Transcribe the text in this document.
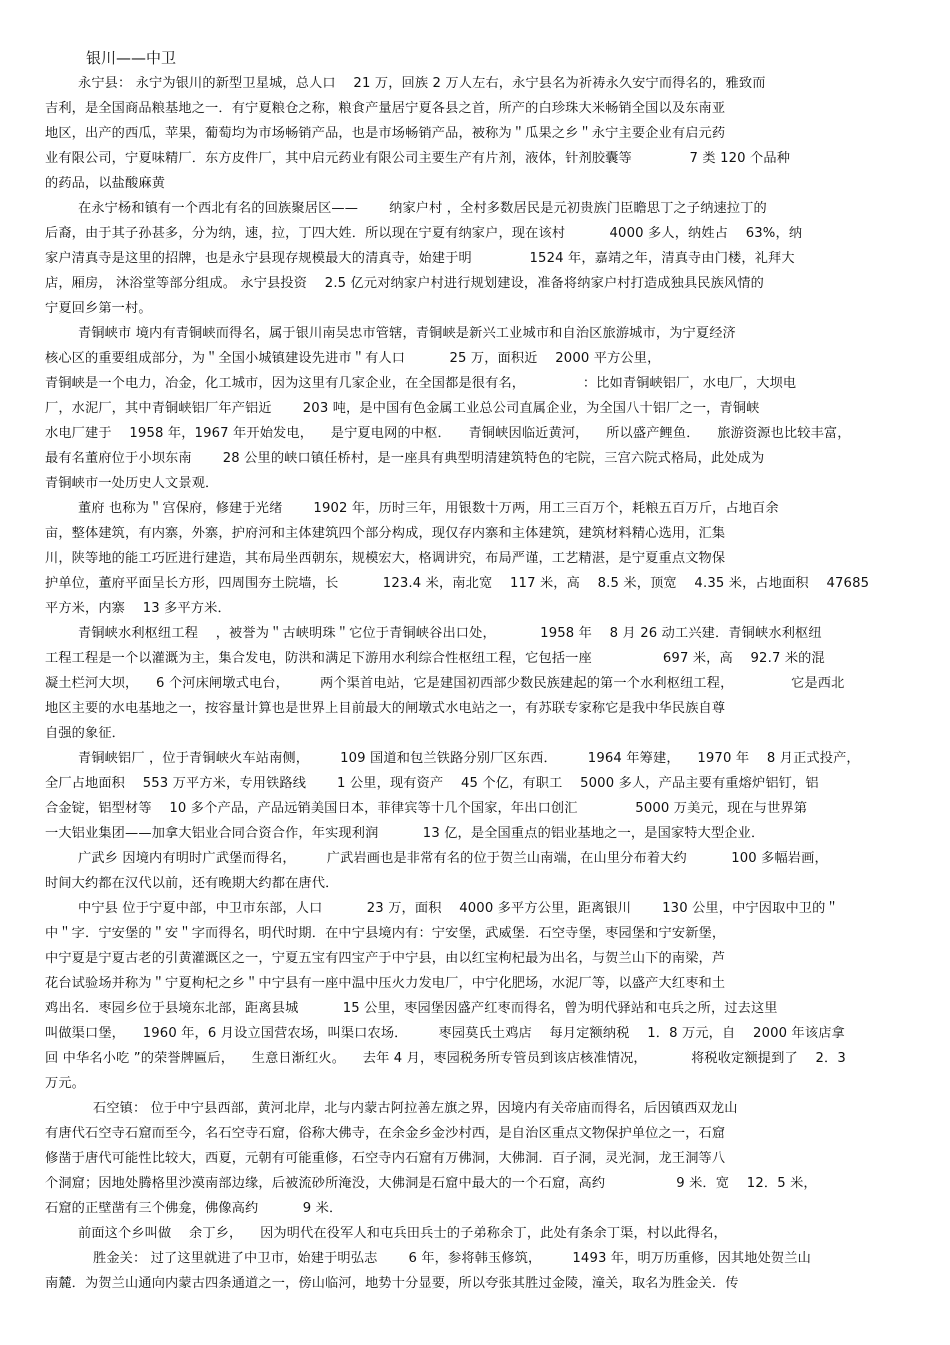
银川——中卫
永宁县： 永宁为银川的新型卫星城，总人口 　21 万，回族 2 万人左右，永宁县名为祈祷永久安宁而得名的，雅致而
吉利，是全国商品粮基地之一．有宁夏粮仓之称，粮食产量居宁夏各县之首，所产的白珍珠大米畅销全国以及东南亚
地区，出产的西瓜，苹果，葡萄均为市场畅销产品，也是市场畅销产品，被称为＂瓜果之乡＂永宁主要企业有启元药
业有限公司，宁夏味精厂．东方皮件厂，其中启元药业有限公司主要生产有片剂，液体，针剂胶囊等 　　　　7 类 120 个品种
的药品，以盐酸麻黄
在永宁杨和镇有一个西北有名的回族聚居区—— 　　纳家户村 ，全村多数居民是元初贵族门臣瞻思丁之子纳速拉丁的
后裔，由于其子孙甚多，分为纳，速，拉，丁四大姓．所以现在宁夏有纳家户，现在该村 　　　4000 多人，纳姓占 　63%，纳
家户清真寺是这里的招牌，也是永宁县现存规模最大的清真寺，始建于明 　　　　1524 年，嘉靖之年，清真寺由门楼，礼拜大
店，厢房， 沐浴堂等部分组成。 永宁县投资 　2.5 亿元对纳家户村进行规划建设，准备将纳家户村打造成独具民族风情的
宁夏回乡第一村。
青铜峡市 境内有青铜峡而得名，属于银川南吴忠市管辖，青铜峡是新兴工业城市和自治区旅游城市，为宁夏经济
核心区的重要组成部分，为＂全国小城镇建设先进市＂有人口 　　　25 万，面积近 　2000 平方公里，
青铜峡是一个电力，冶金，化工城市，因为这里有几家企业，在全国都是很有名， 　　　　：比如青铜峡铝厂，水电厂，大坝电
厂，水泥厂，其中青铜峡铝厂年产铝近 　　203 吨，是中国有色金属工业总公司直属企业，为全国八十铝厂之一，青铜峡
水电厂建于 　1958 年，1967 年开始发电， 　是宁夏电网的中枢． 　青铜峡因临近黄河， 　所以盛产鲤鱼． 　旅游资源也比较丰富，
最有名董府位于小坝东南 　　28 公里的峡口镇任桥村，是一座具有典型明清建筑特色的宅院，三宫六院式格局，此处成为
青铜峡市一处历史人文景观．
董府 也称为＂宫保府，修建于光绪 　　1902 年，历时三年，用银数十万两，用工三百万个，耗粮五百万斤，占地百余
亩，整体建筑，有内寨，外寨，护府河和主体建筑四个部分构成，现仅存内寨和主体建筑，建筑材料精心选用，汇集
川，陕等地的能工巧匠进行建造，其布局坐西朝东，规模宏大，格调讲究，布局严谨，工艺精湛，是宁夏重点文物保
护单位，董府平面呈长方形，四周围夯土院墙，长 　　　123.4 米，南北宽 　117 米，高 　8.5 米，顶宽 　4.35 米，占地面积 　47685
平方米，内寨 　13 多平方米．
青铜峡水利枢纽工程 　，被誉为＂古峡明珠＂它位于青铜峡谷出口处， 　　　1958 年 　8 月 26 动工兴建．青铜峡水利枢纽
工程工程是一个以灌溉为主，集合发电，防洪和满足下游用水利综合性枢纽工程，它包括一座 　　　　　697 米，高 　92.7 米的混
凝土栏河大坝， 　6 个河床闸墩式电台， 　　两个渠首电站，它是建国初西部少数民族建起的第一个水利枢纽工程， 　　　　它是西北
地区主要的水电基地之一，按容量计算也是世界上目前最大的闸墩式水电站之一，有苏联专家称它是我中华民族自尊
自强的象征．
青铜峡铝厂 ，位于青铜峡火车站南侧， 　　109 国道和包兰铁路分别厂区东西． 　　1964 年筹建， 　1970 年 　8 月正式投产，
全厂占地面积 　553 万平方米，专用铁路线 　　1 公里，现有资产 　45 个亿，有职工 　5000 多人，产品主要有重熔炉铝钉，铝
合金锭，铝型材等 　10 多个产品，产品远销美国日本，菲律宾等十几个国家，年出口创汇 　　　　5000 万美元，现在与世界第
一大铝业集团——加拿大铝业合同合资合作，年实现利润 　　　13 亿，是全国重点的铝业基地之一，是国家特大型企业．
广武乡 因境内有明时广武堡而得名， 　　广武岩画也是非常有名的位于贺兰山南端，在山里分布着大约 　　　100 多幅岩画，
时间大约都在汉代以前，还有晚期大约都在唐代．
中宁县 位于宁夏中部，中卫市东部，人口 　　　23 万，面积 　4000 多平方公里，距离银川 　　130 公里，中宁因取中卫的＂
中＂字．宁安堡的＂安＂字而得名，明代时期．在中宁县境内有：宁安堡，武威堡．石空寺堡，枣园堡和宁安新堡，
中宁夏是宁夏古老的引黄灌溉区之一，宁夏五宝有四宝产于中宁县，由以红宝枸杞最为出名，与贺兰山下的南梁，芦
花台试验场并称为＂宁夏枸杞之乡＂中宁县有一座中温中压火力发电厂，中宁化肥场，水泥厂等，以盛产大红枣和土
鸡出名．枣园乡位于县境东北部，距离县城 　　　15 公里，枣园堡因盛产红枣而得名，曾为明代驿站和屯兵之所，过去这里
叫做渠口堡， 　1960 年，6 月设立国营农场，叫渠口农场． 　　枣园莫氏土鸡店 　每月定额纳税 　1．8 万元，自 　2000 年该店拿
回 中华名小吃 ”的荣誉牌匾后， 　生意日渐红火。 　去年 4 月，枣园税务所专管员到该店核准情况， 　　　将税收定额提到了 　2．3
万元。
石空镇： 位于中宁县西部，黄河北岸，北与内蒙古阿拉善左旗之界，因境内有关帝庙而得名，后因镇西双龙山
有唐代石空寺石窟而至今，名石空寺石窟，俗称大佛寺，在余金乡金沙村西，是自治区重点文物保护单位之一，石窟
修凿于唐代可能性比较大，西夏，元朝有可能重修，石空寺内石窟有万佛洞，大佛洞．百子洞，灵光洞，龙王洞等八
个洞窟；因地处腾格里沙漠南部边缘，后被流砂所淹没，大佛洞是石窟中最大的一个石窟，高约 　　　　　9 米．宽 　12．5 米，
石窟的正壁凿有三个佛龛，佛像高约 　　　9 米．
前面这个乡叫做 　余丁乡， 　因为明代在役军人和屯兵田兵士的子弟称余丁，此处有条余丁渠，村以此得名，
胜金关： 过了这里就进了中卫市，始建于明弘志 　　6 年，参将韩玉修筑， 　　1493 年，明万历重修，因其地处贺兰山
南麓．为贺兰山通向内蒙古四条通道之一，傍山临河，地势十分显要，所以夸张其胜过金陵，潼关，取名为胜金关．传
